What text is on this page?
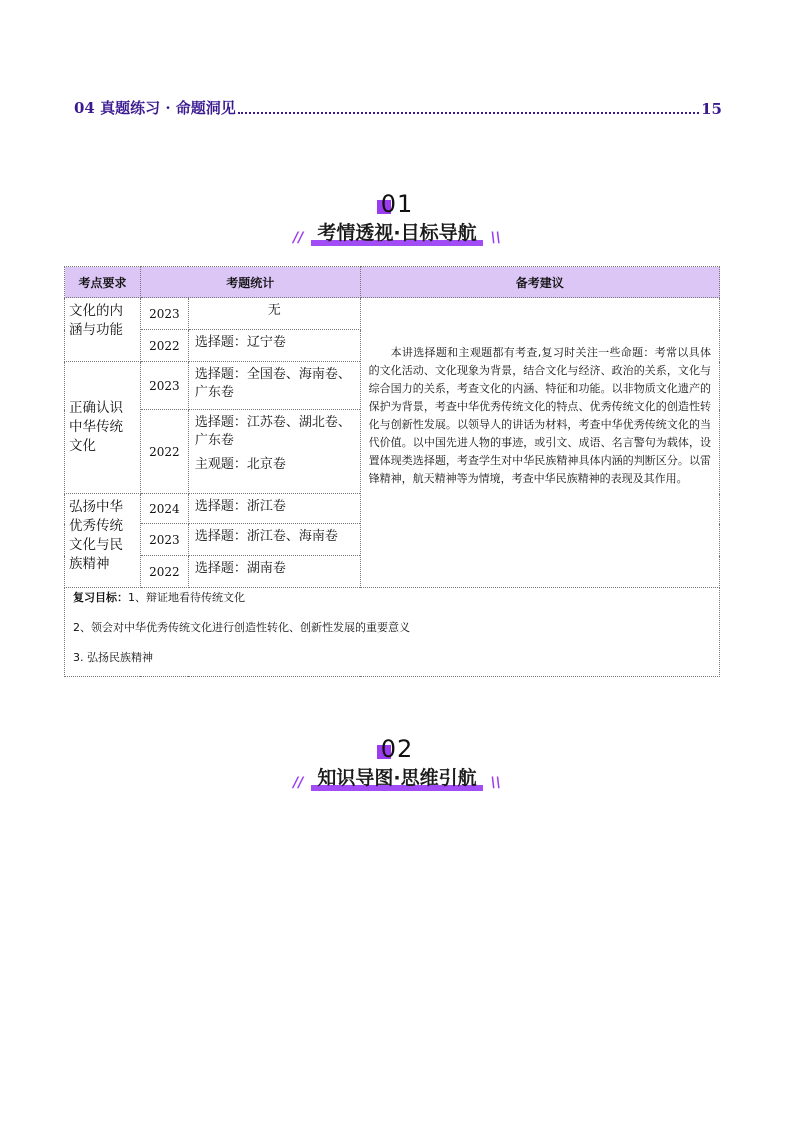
04 真题练习 · 命题洞见	15
01
// 考情透视·目标导航 \\
考点要求	考题统计		备考建议
文化的内涵与功能	2023	无	本讲选择题和主观题都有考查,复习时关注一些命题：考常以具体的文化活动、文化现象为背景，结合文化与经济、政治的关系，文化与综合国力的关系，考查文化的内涵、特征和功能。以非物质文化遗产的保护为背景，考查中华优秀传统文化的特点、优秀传统文化的创造性转化与创新性发展。以领导人的讲话为材料，考查中华优秀传统文化的当代价值。以中国先进人物的事迹，或引文、成语、名言警句为载体，设置体现类选择题，考查学生对中华民族精神具体内涵的判断区分。以雷锋精神，航天精神等为情境，考查中华民族精神的表现及其作用。

	2022	选择题：辽宁卷	
正确认识中华传统文化	2023	选择题：全国卷、海南卷、广东卷	
	2022	选择题：江苏卷、湖北卷、广东卷
主观题：北京卷	

弘扬中华优秀传统文化与民族精神	2024	选择题：浙江卷	
	2023	选择题：浙江卷、海南卷	
	2022	选择题：湖南卷	

复习目标：1、辩证地看待传统文化
2、领会对中华优秀传统文化进行创造性转化、创新性发展的重要意义
3. 弘扬民族精神			
02
// 知识导图·思维引航 \\
